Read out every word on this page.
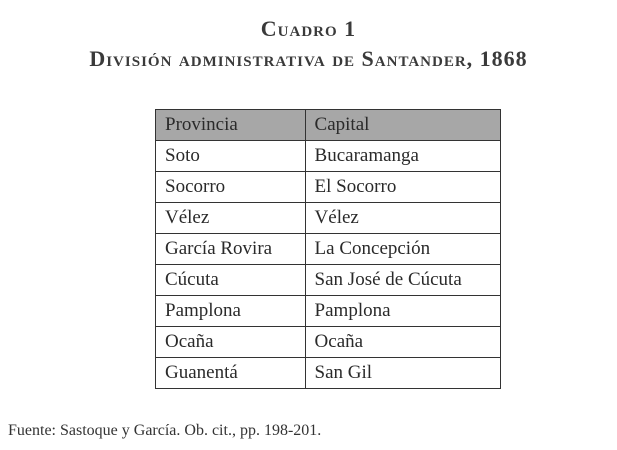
Cuadro 1
División administrativa de Santander, 1868
Provincia	Capital
Soto	Bucaramanga
Socorro	El Socorro
Vélez	Vélez
García Rovira	La Concepción
Cúcuta	San José de Cúcuta
Pamplona	Pamplona
Ocaña	Ocaña
Guanentá	San Gil
Fuente: Sastoque y García. Ob. cit., pp. 198-201.
